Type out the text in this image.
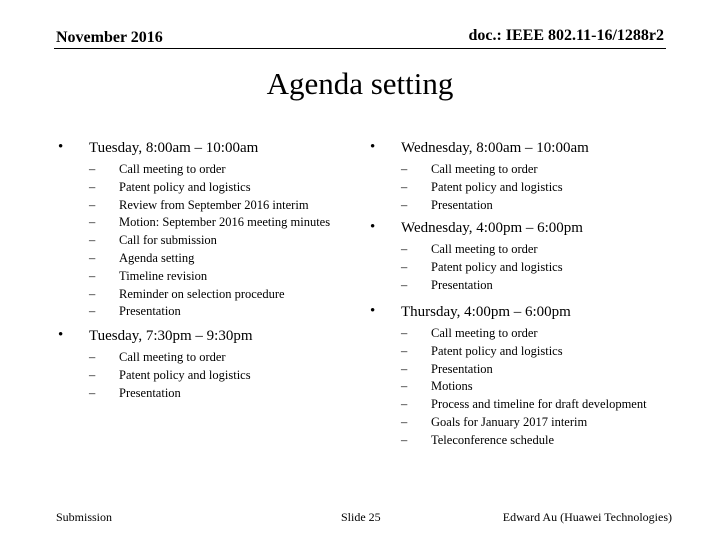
November 2016	doc.: IEEE 802.11-16/1288r2
Agenda setting
• Tuesday, 8:00am – 10:00am
– Call meeting to order
– Patent policy and logistics
– Review from September 2016 interim
– Motion: September 2016 meeting minutes
– Call for submission
– Agenda setting
– Timeline revision
– Reminder on selection procedure
– Presentation
• Tuesday, 7:30pm – 9:30pm
– Call meeting to order
– Patent policy and logistics
– Presentation
• Wednesday, 8:00am – 10:00am
– Call meeting to order
– Patent policy and logistics
– Presentation
• Wednesday, 4:00pm – 6:00pm
– Call meeting to order
– Patent policy and logistics
– Presentation
• Thursday, 4:00pm – 6:00pm
– Call meeting to order
– Patent policy and logistics
– Presentation
– Motions
– Process and timeline for draft development
– Goals for January 2017 interim
– Teleconference schedule
Submission	Slide 25	Edward Au (Huawei Technologies)
